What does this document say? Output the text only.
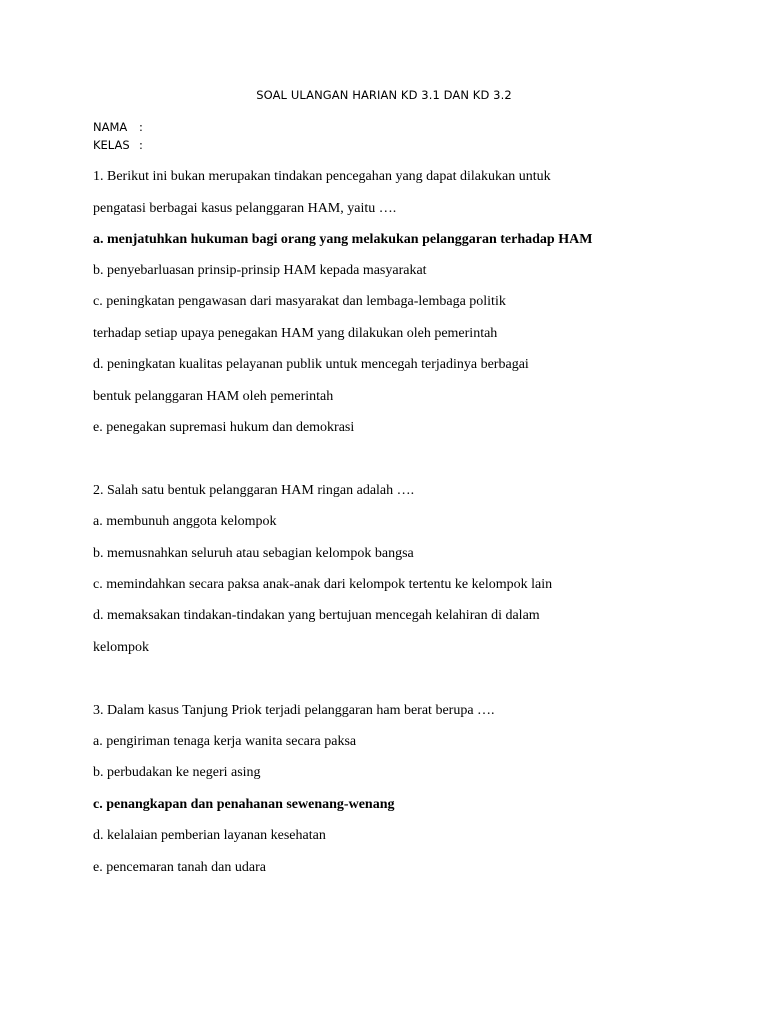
SOAL ULANGAN HARIAN KD 3.1 DAN KD 3.2
NAMA :
KELAS :
1. Berikut ini bukan merupakan tindakan pencegahan yang dapat dilakukan untuk
pengatasi berbagai kasus pelanggaran HAM, yaitu ….
a. menjatuhkan hukuman bagi orang yang melakukan pelanggaran terhadap HAM
b. penyebarluasan prinsip-prinsip HAM kepada masyarakat
c. peningkatan pengawasan dari masyarakat dan lembaga-lembaga politik
terhadap setiap upaya penegakan HAM yang dilakukan oleh pemerintah
d. peningkatan kualitas pelayanan publik untuk mencegah terjadinya berbagai
bentuk pelanggaran HAM oleh pemerintah
e. penegakan supremasi hukum dan demokrasi
2. Salah satu bentuk pelanggaran HAM ringan adalah ….
a. membunuh anggota kelompok
b. memusnahkan seluruh atau sebagian kelompok bangsa
c. memindahkan secara paksa anak-anak dari kelompok tertentu ke kelompok lain
d. memaksakan tindakan-tindakan yang bertujuan mencegah kelahiran di dalam
kelompok
3. Dalam kasus Tanjung Priok terjadi pelanggaran ham berat berupa ….
a. pengiriman tenaga kerja wanita secara paksa
b. perbudakan ke negeri asing
c. penangkapan dan penahanan sewenang-wenang
d. kelalaian pemberian layanan kesehatan
e. pencemaran tanah dan udara
